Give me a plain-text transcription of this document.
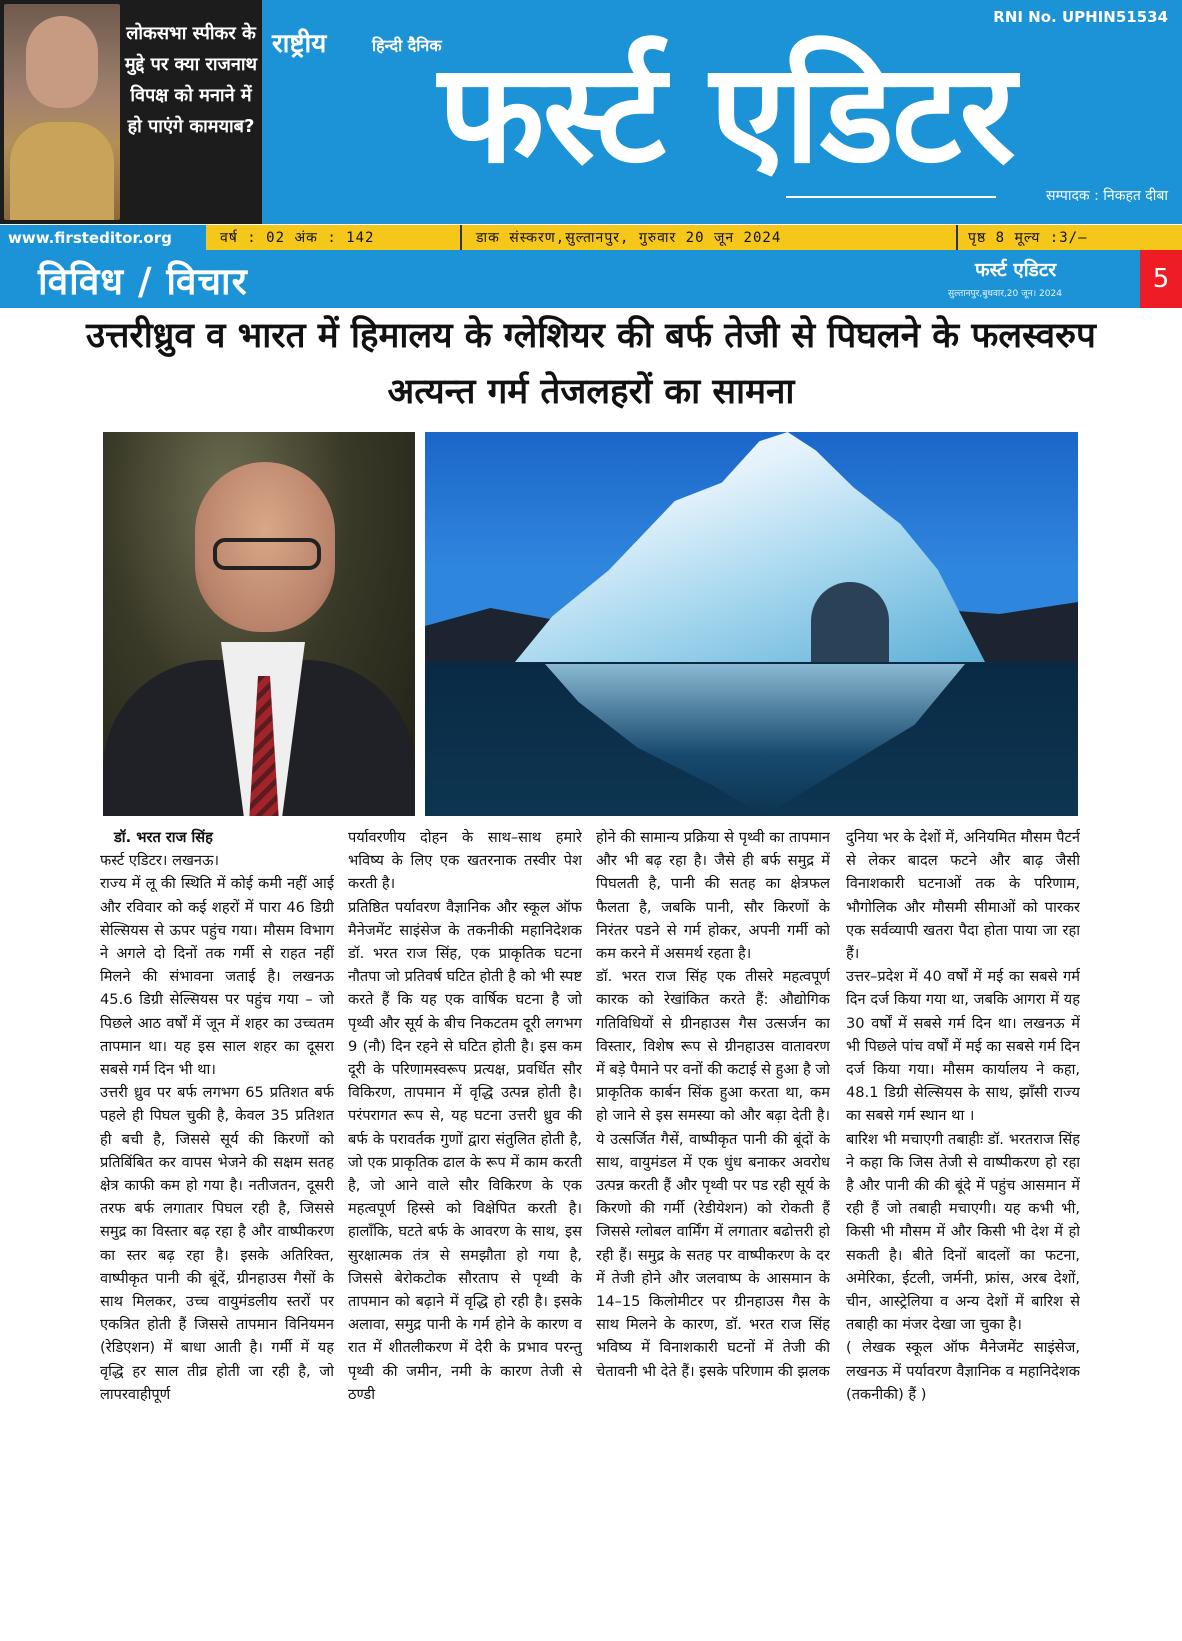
लोकसभा स्पीकर के मुद्दे पर क्या राजनाथ विपक्ष को मनाने में हो पाएंगे कामयाब?
RNI No. UPHIN51534
राष्ट्रीय	हिन्दी दैनिक
फर्स्ट एडिटर
सम्पादक : निकहत दीबा
www.firsteditor.org	वर्ष : 02 अंक : 142	डाक संस्करण,सुल्तानपुर, गुरुवार 20 जून 2024	पृष्ठ 8 मूल्य :3/–
विविध / विचार	फर्स्ट एडिटर
सुल्तानपुर,बुधवार,20 जून। 2024	5
उत्तरीध्रुव व भारत में हिमालय के ग्लेशियर की बर्फ तेजी से पिघलने के फलस्वरुप अत्यन्त गर्म तेजलहरों का सामना

डॉ. भरत राज सिंह

फर्स्ट एडिटर। लखनऊ।

राज्य में लू की स्थिति में कोई कमी नहीं आई और रविवार को कई शहरों में पारा 46 डिग्री सेल्सियस से ऊपर पहुंच गया। मौसम विभाग ने अगले दो दिनों तक गर्मी से राहत नहीं मिलने की संभावना जताई है। लखनऊ 45.6 डिग्री सेल्सियस पर पहुंच गया – जो पिछले आठ वर्षों में जून में शहर का उच्चतम तापमान था। यह इस साल शहर का दूसरा सबसे गर्म दिन भी था।

उत्तरी ध्रुव पर बर्फ लगभग 65 प्रतिशत बर्फ पहले ही पिघल चुकी है, केवल 35 प्रतिशत ही बची है, जिससे सूर्य की किरणों को प्रतिबिंबित कर वापस भेजने की सक्षम सतह क्षेत्र काफी कम हो गया है। नतीजतन, दूसरी तरफ बर्फ लगातार पिघल रही है, जिससे समुद्र का विस्तार बढ़ रहा है और वाष्पीकरण का स्तर बढ़ रहा है। इसके अतिरिक्त, वाष्पीकृत पानी की बूंदें, ग्रीनहाउस गैसों के साथ मिलकर, उच्च वायुमंडलीय स्तरों पर एकत्रित होती हैं जिससे तापमान विनियमन (रेडिएशन) में बाधा आती है। गर्मी में यह वृद्धि हर साल तीव्र होती जा रही है, जो लापरवाहीपूर्ण

पर्यावरणीय दोहन के साथ–साथ हमारे भविष्य के लिए एक खतरनाक तस्वीर पेश करती है।

प्रतिष्ठित पर्यावरण वैज्ञानिक और स्कूल ऑफ मैनेजमेंट साइंसेज के तकनीकी महानिदेशक डॉ. भरत राज सिंह, एक प्राकृतिक घटना नौतपा जो प्रतिवर्ष घटित होती है को भी स्पष्ट करते हैं कि यह एक वार्षिक घटना है जो पृथ्वी और सूर्य के बीच निकटतम दूरी लगभग 9 (नौ) दिन रहने से घटित होती है। इस कम दूरी के परिणामस्वरूप प्रत्यक्ष, प्रवर्धित सौर विकिरण, तापमान में वृद्धि उत्पन्न होती है। परंपरागत रूप से, यह घटना उत्तरी ध्रुव की बर्फ के परावर्तक गुणों द्वारा संतुलित होती है, जो एक प्राकृतिक ढाल के रूप में काम करती है, जो आने वाले सौर विकिरण के एक महत्वपूर्ण हिस्से को विक्षेपित करती है। हालाँकि, घटते बर्फ के आवरण के साथ, इस सुरक्षात्मक तंत्र से समझौता हो गया है, जिससे बेरोकटोक सौरताप से पृथ्वी के तापमान को बढ़ाने में वृद्धि हो रही है। इसके अलावा, समुद्र पानी के गर्म होने के कारण व रात में शीतलीकरण में देरी के प्रभाव परन्तु पृथ्वी की जमीन, नमी के कारण तेजी से ठण्डी

होने की सामान्य प्रक्रिया से पृथ्वी का तापमान और भी बढ़ रहा है। जैसे ही बर्फ समुद्र में पिघलती है, पानी की सतह का क्षेत्रफल फैलता है, जबकि पानी, सौर किरणों के निरंतर पडने से गर्म होकर, अपनी गर्मी को कम करने में असमर्थ रहता है।

डॉ. भरत राज सिंह एक तीसरे महत्वपूर्ण कारक को रेखांकित करते हैं: औद्योगिक गतिविधियों से ग्रीनहाउस गैस उत्सर्जन का विस्तार, विशेष रूप से ग्रीनहाउस वातावरण में बड़े पैमाने पर वनों की कटाई से हुआ है जो प्राकृतिक कार्बन सिंक हुआ करता था, कम हो जाने से इस समस्या को और बढ़ा देती है। ये उत्सर्जित गैसें, वाष्पीकृत पानी की बूंदों के साथ, वायुमंडल में एक धुंध बनाकर अवरोध उत्पन्न करती हैं और पृथ्वी पर पड रही सूर्य के किरणो की गर्मी (रेडीयेशन) को रोकती हैं जिससे ग्लोबल वार्मिंग में लगातार बढोत्तरी हो रही हैं। समुद्र के सतह पर वाष्पीकरण के दर में तेजी होने और जलवाष्प के आसमान के 14–15 किलोमीटर पर ग्रीनहाउस गैस के साथ मिलने के कारण, डॉ. भरत राज सिंह भविष्य में विनाशकारी घटनों में तेजी की चेतावनी भी देते हैं। इसके परिणाम की झलक

दुनिया भर के देशों में, अनियमित मौसम पैटर्न से लेकर बादल फटने और बाढ़ जैसी विनाशकारी घटनाओं तक के परिणाम, भौगोलिक और मौसमी सीमाओं को पारकर एक सर्वव्यापी खतरा पैदा होता पाया जा रहा हैं।

उत्तर–प्रदेश में 40 वर्षों में मई का सबसे गर्म दिन दर्ज किया गया था, जबकि आगरा में यह 30 वर्षों में सबसे गर्म दिन था। लखनऊ में भी पिछले पांच वर्षों में मई का सबसे गर्म दिन दर्ज किया गया। मौसम कार्यालय ने कहा, 48.1 डिग्री सेल्सियस के साथ, झाँसी राज्य का सबसे गर्म स्थान था ।

बारिश भी मचाएगी तबाहीः डॉ. भरतराज सिंह ने कहा कि जिस तेजी से वाष्पीकरण हो रहा है और पानी की की बूंदे में पहुंच आसमान में रही हैं जो तबाही मचाएगी। यह कभी भी, किसी भी मौसम में और किसी भी देश में हो सकती है। बीते दिनों बादलों का फटना, अमेरिका, ईटली, जर्मनी, फ्रांस, अरब देशों, चीन, आस्ट्रेलिया व अन्य देशों में बारिश से तबाही का मंजर देखा जा चुका है।

( लेखक स्कूल ऑफ मैनेजमेंट साइंसेज, लखनऊ में पर्यावरण वैज्ञानिक व महानिदेशक (तकनीकी) हैं )
